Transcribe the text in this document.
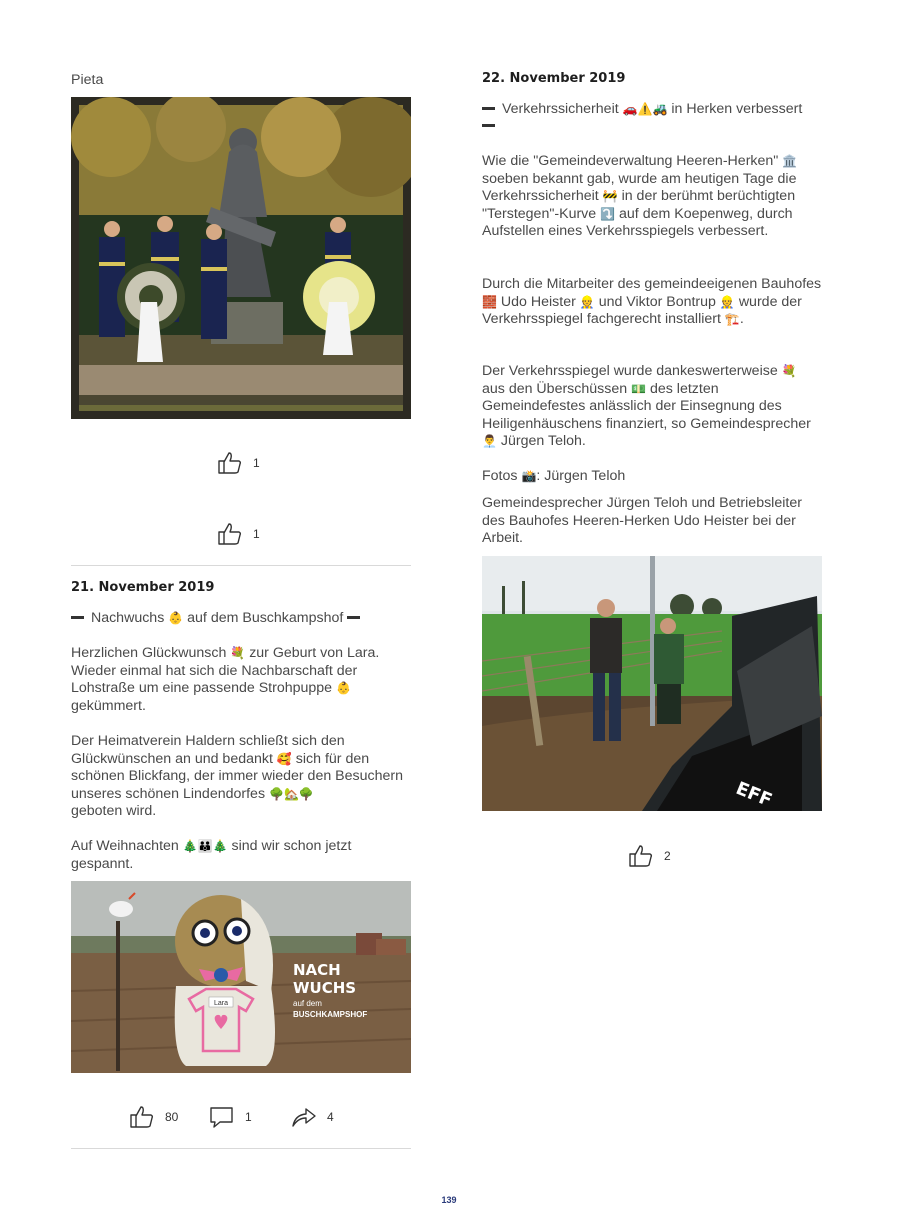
Pieta

1
1
21. November 2019

Nachwuchs 👶 auf dem Buschkampshof

Herzlichen Glückwunsch 💐 zur Geburt von Lara. Wieder einmal hat sich die Nachbarschaft der Lohstraße um eine passende Strohpuppe 👶
gekümmert.

Der Heimatverein Haldern schließt sich den Glückwünschen an und bedankt 🥰 sich für den schönen Blickfang, der immer wieder den Besuchern unseres schönen Lindendorfes 🌳🏡🌳
geboten wird.

Auf Weihnachten 🎄👪🎄 sind wir schon jetzt gespannt.

Lara
NACH
WUCHS
auf dem
BUSCHKAMPSHOF
80	1	4
22. November 2019

Verkehrssicherheit 🚗⚠️🚜 in Herken verbessert

Wie die "Gemeindeverwaltung Heeren-Herken" 🏛️ soeben bekannt gab, wurde am heutigen Tage die Verkehrssicherheit 🚧 in der berühmt berüchtigten "Terstegen"-Kurve ⤵️ auf dem Koepenweg, durch Aufstellen eines Verkehrsspiegels verbessert.

Durch die Mitarbeiter des gemeindeeigenen Bauhofes 🧱 Udo Heister 👷 und Viktor Bontrup 👷 wurde der Verkehrsspiegel fachgerecht installiert 🏗️.

Der Verkehrsspiegel wurde dankeswerterweise 💐 aus den Überschüssen 💵 des letzten Gemeindefestes anlässlich der Einsegnung des Heiligenhäuschens finanziert, so Gemeindesprecher 👨‍💼 Jürgen Teloh.

Fotos 📸: Jürgen Teloh

Gemeindesprecher Jürgen Teloh und Betriebsleiter des Bauhofes Heeren-Herken Udo Heister bei der Arbeit.

EFF
2
139
